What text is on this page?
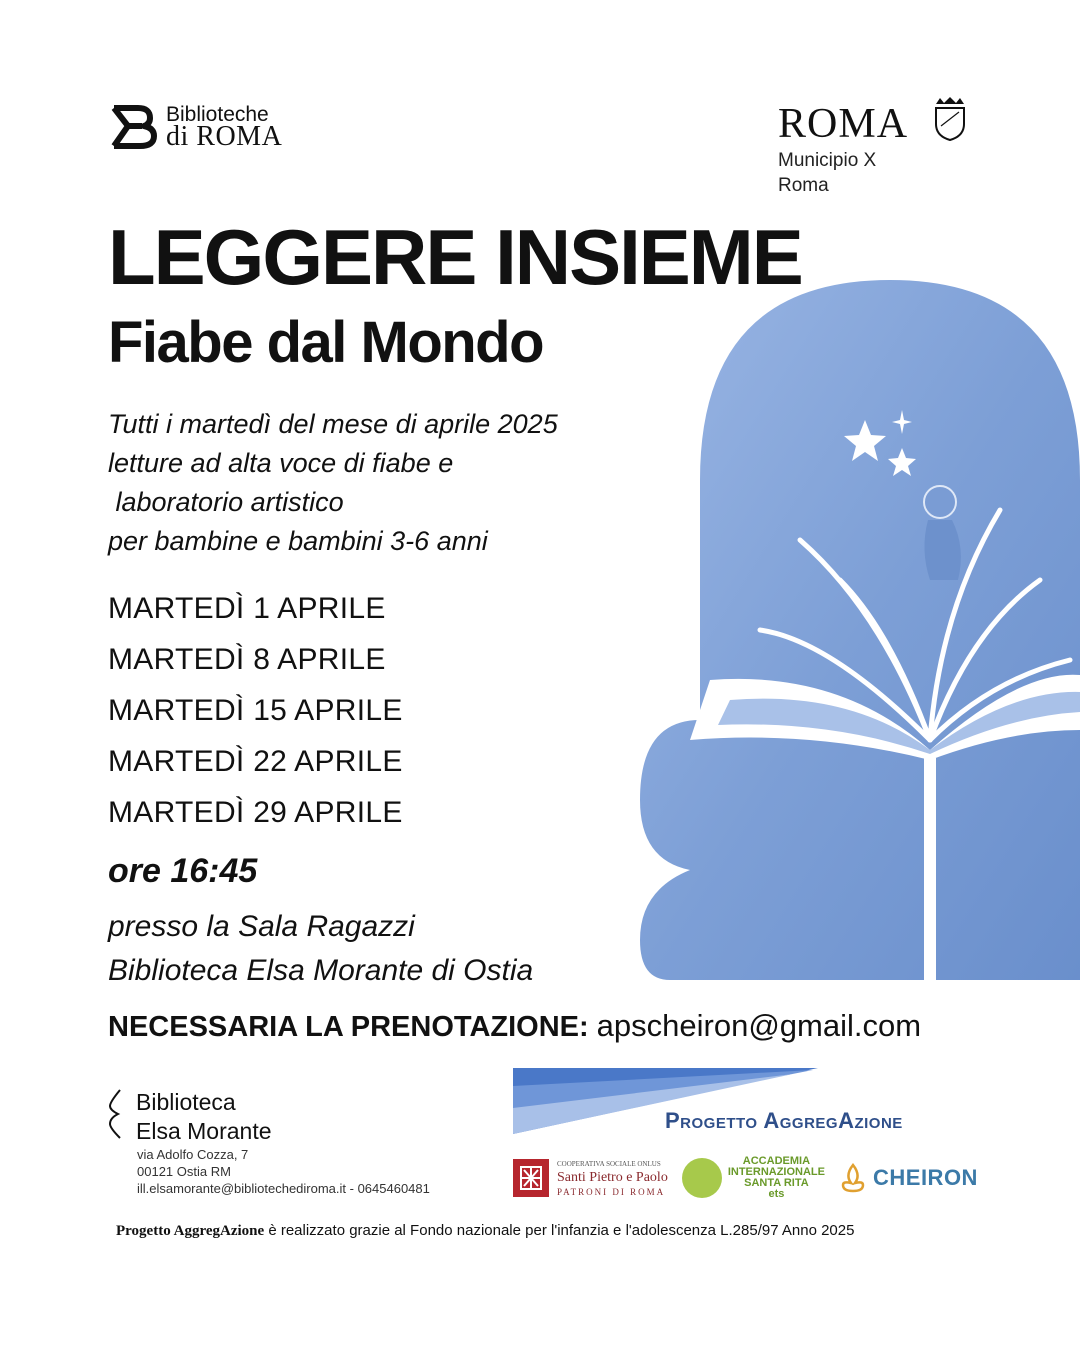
Biblioteche
di ROMA	ROMA
Municipio X
Roma
LEGGERE INSIEME
Fiabe dal Mondo
Tutti i martedì del mese di aprile 2025
letture ad alta voce di fiabe e
laboratorio artistico
per bambine e bambini 3-6 anni
MARTEDÌ 1 APRILE
MARTEDÌ 8 APRILE
MARTEDÌ 15 APRILE
MARTEDÌ 22 APRILE
MARTEDÌ 29 APRILE
ore 16:45
presso la Sala Ragazzi
Biblioteca Elsa Morante di Ostia
NECESSARIA LA PRENOTAZIONE: apscheiron@gmail.com
Biblioteca
Elsa Morante
via Adolfo Cozza, 7
00121 Ostia RM
ill.elsamorante@bibliotechediroma.it - 0645460481
Progetto AggregAzione
COOPERATIVA SOCIALE ONLUS
Santi Pietro e Paolo
PATRONI DI ROMA
ACCADEMIA
INTERNAZIONALE
SANTA RITA
ets
CHEIRON
Progetto AggregAzione è realizzato grazie al Fondo nazionale per l'infanzia e l'adolescenza L.285/97 Anno 2025
